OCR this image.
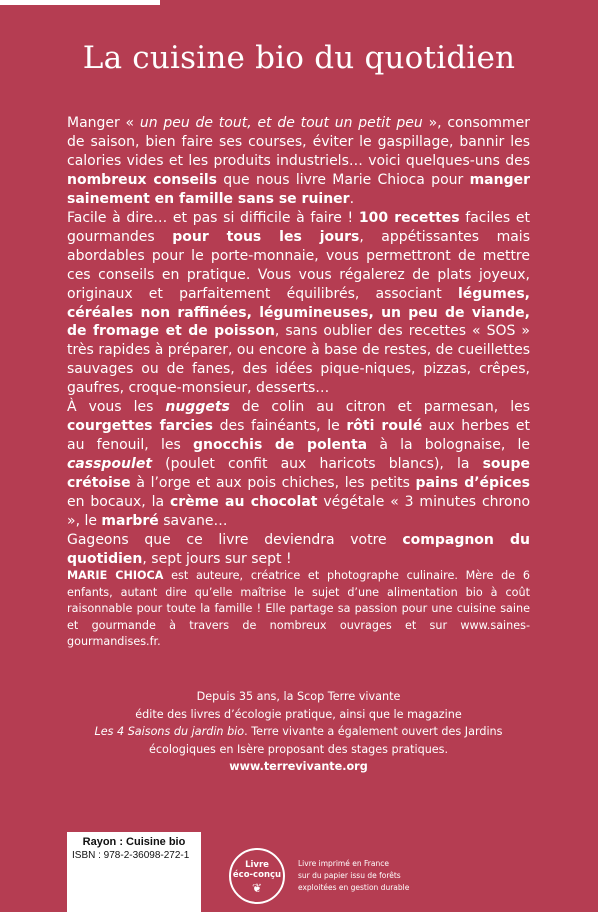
La cuisine bio du quotidien

Manger « un peu de tout, et de tout un petit peu », consommer de saison, bien faire ses courses, éviter le gaspillage, bannir les calories vides et les produits industriels… voici quelques-uns des nombreux conseils que nous livre Marie Chioca pour manger sainement en famille sans se ruiner.

Facile à dire… et pas si difficile à faire ! 100 recettes faciles et gourmandes pour tous les jours, appétissantes mais abordables pour le porte-monnaie, vous permettront de mettre ces conseils en pratique. Vous vous régalerez de plats joyeux, originaux et parfaitement équilibrés, associant légumes, céréales non raffinées, légumineuses, un peu de viande, de fromage et de poisson, sans oublier des recettes « SOS » très rapides à préparer, ou encore à base de restes, de cueillettes sauvages ou de fanes, des idées pique-niques, pizzas, crêpes, gaufres, croque-monsieur, desserts…

À vous les nuggets de colin au citron et parmesan, les courgettes farcies des fainéants, le rôti roulé aux herbes et au fenouil, les gnocchis de polenta à la bolognaise, le casspoulet (poulet confit aux haricots blancs), la soupe crétoise à l’orge et aux pois chiches, les petits pains d’épices en bocaux, la crème au chocolat végétale « 3 minutes chrono », le marbré savane…

Gageons que ce livre deviendra votre compagnon du quotidien, sept jours sur sept !

MARIE CHIOCA est auteure, créatrice et photographe culinaire. Mère de 6 enfants, autant dire qu’elle maîtrise le sujet d’une alimentation bio à coût raisonnable pour toute la famille ! Elle partage sa passion pour une cuisine saine et gourmande à travers de nombreux ouvrages et sur www.saines-gourmandises.fr.

Depuis 35 ans, la Scop Terre vivante
édite des livres d’écologie pratique, ainsi que le magazine
Les 4 Saisons du jardin bio. Terre vivante a également ouvert des Jardins
écologiques en Isère proposant des stages pratiques.
www.terrevivante.org
Rayon : Cuisine bio
ISBN : 978-2-36098-272-1
Livre
éco-conçu
❦
Livre imprimé en France
sur du papier issu de forêts
exploitées en gestion durable
